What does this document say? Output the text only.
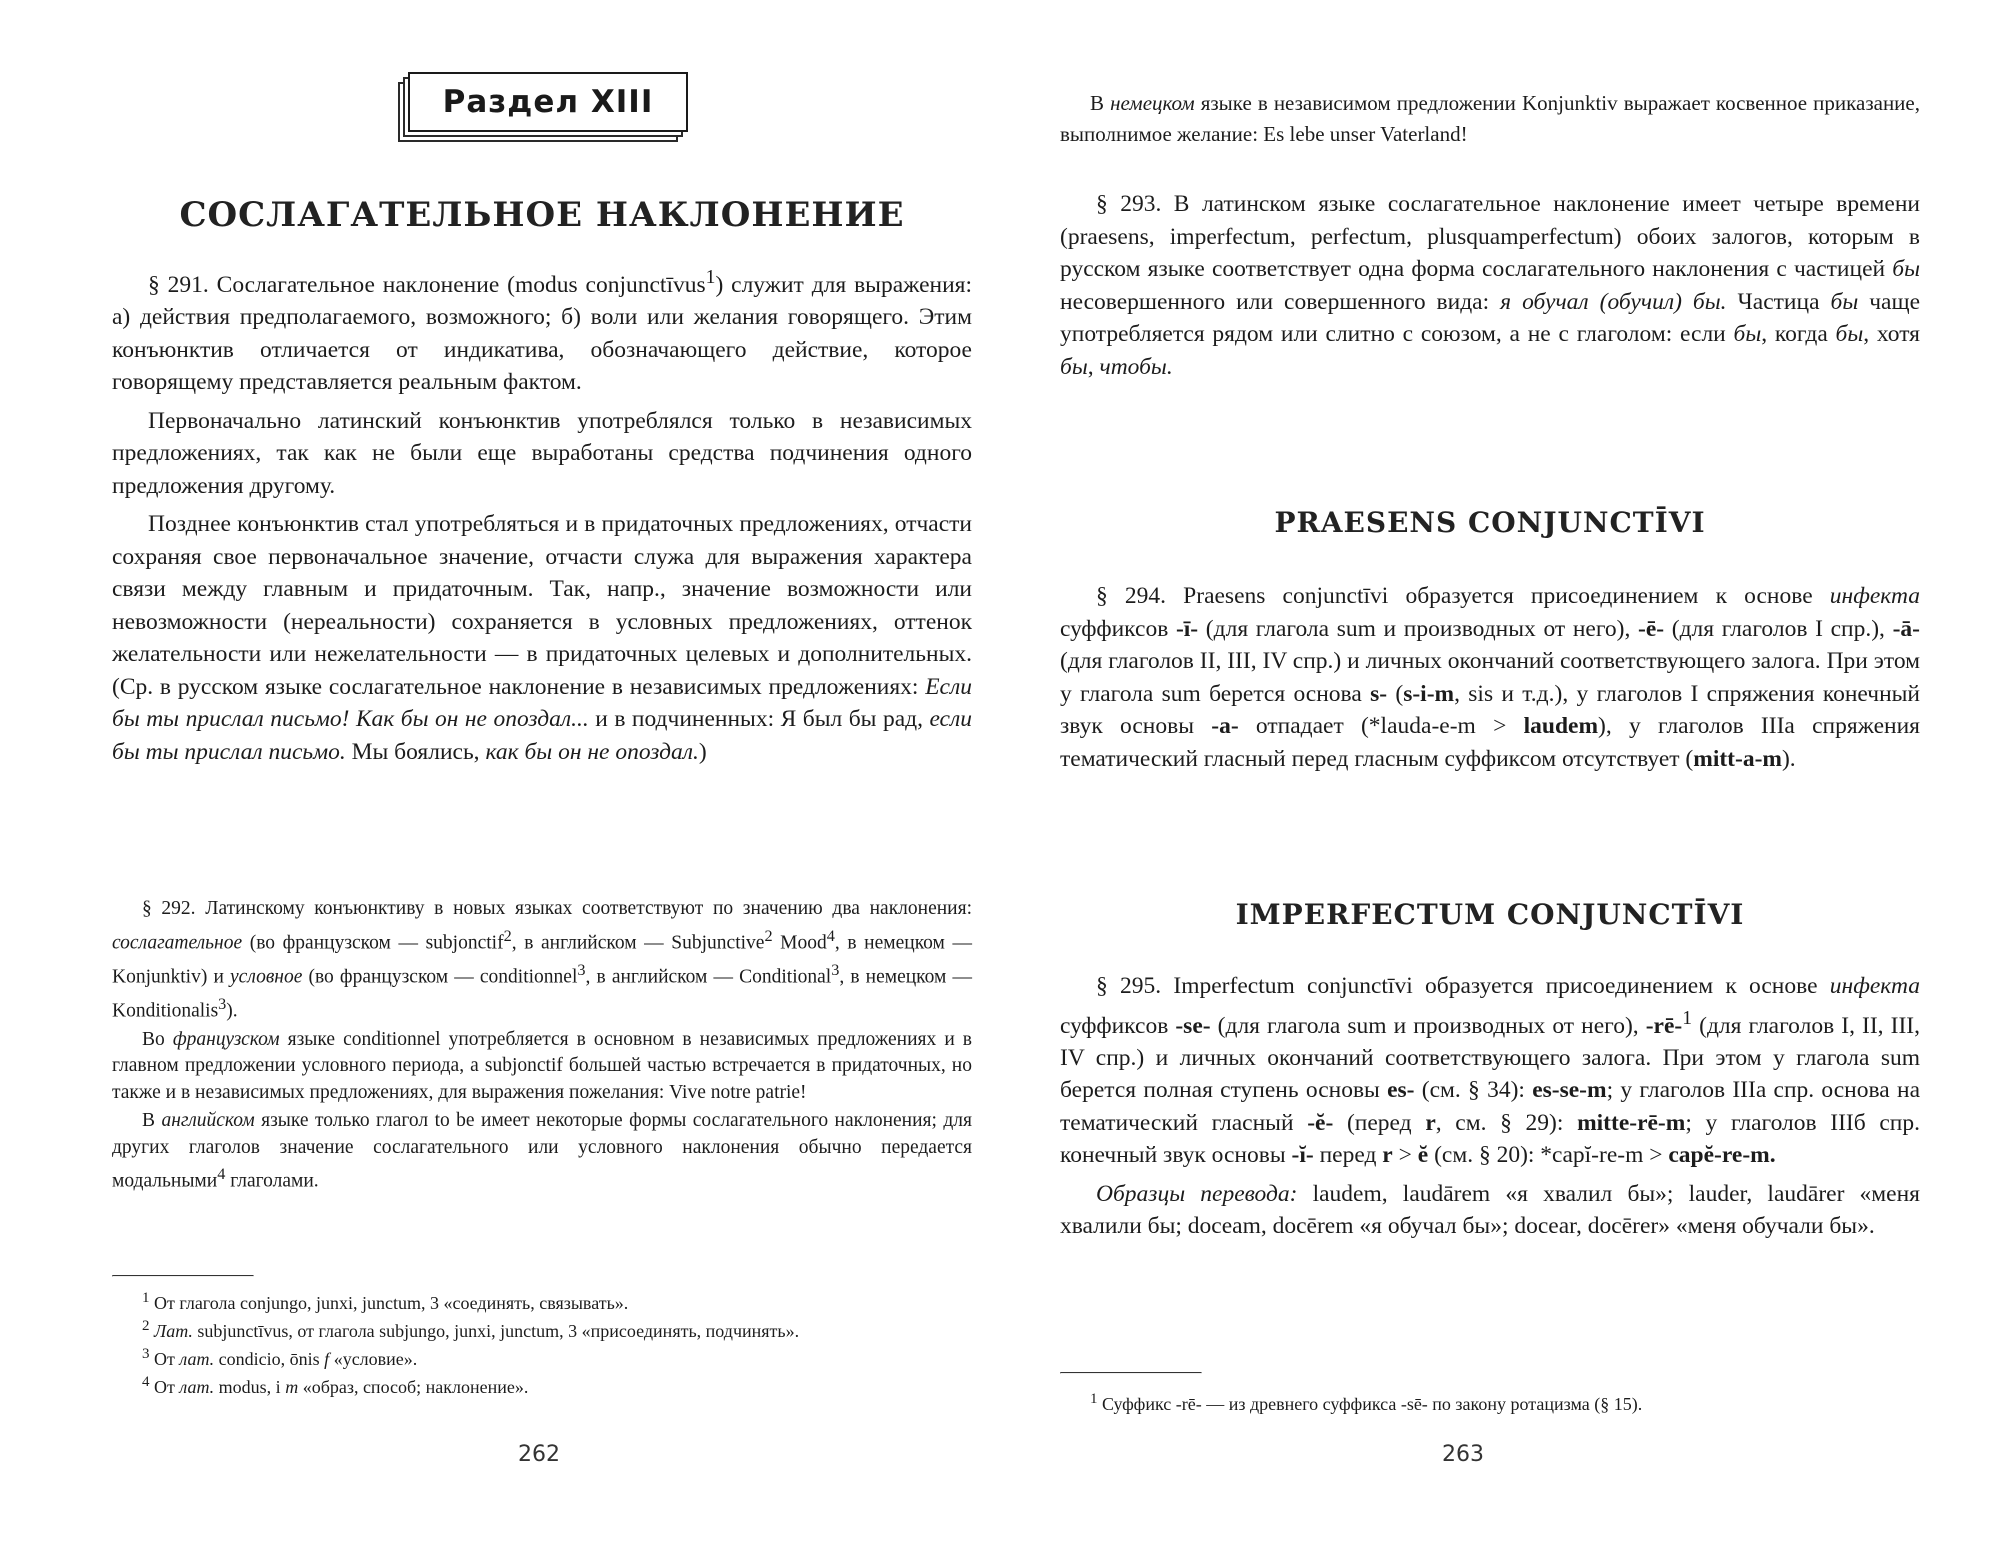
Раздел XIII
СОСЛАГАТЕЛЬНОЕ НАКЛОНЕНИЕ

§ 291. Сослагательное наклонение (modus conjunctīvus$^1$) служит для выражения: а) действия предполагаемого, возможного; б) воли или желания говорящего. Этим конъюнктив отличается от индикатива, обозначающего действие, которое говорящему представляется реальным фактом.

Первоначально латинский конъюнктив употреблялся только в независимых предложениях, так как не были еще выработаны средства подчинения одного предложения другому.

Позднее конъюнктив стал употребляться и в придаточных предложениях, отчасти сохраняя свое первоначальное значение, отчасти служа для выражения характера связи между главным и придаточным. Так, напр., значение возможности или невозможности (нереальности) сохраняется в условных предложениях, оттенок желательности или нежелательности — в придаточных целевых и дополнительных. (Ср. в русском языке сослагательное наклонение в независимых предложениях: Если бы ты прислал письмо! Как бы он не опоздал... и в подчиненных: Я был бы рад, если бы ты прислал письмо. Мы боялись, как бы он не опоздал.)

§ 292. Латинскому конъюнктиву в новых языках соответствуют по значению два наклонения: сослагательное (во французском — subjonctif$^2$, в английском — Subjunctive$^2$ Mood$^4$, в немецком — Konjunktiv) и условное (во французском — conditionnel$^3$, в английском — Conditional$^3$, в немецком — Konditionalis$^3$).

Во французском языке conditionnel употребляется в основном в независимых предложениях и в главном предложении условного периода, а subjonctif большей частью встречается в придаточных, но также и в независимых предложениях, для выражения пожелания: Vive notre patrie!

В английском языке только глагол to be имеет некоторые формы сослагательного наклонения; для других глаголов значение сослагательного или условного наклонения обычно передается модальными$^4$ глаголами.

$^1$ От глагола conjungo, junxi, junctum, 3 «соединять, связывать».

$^2$ Лат. subjunctīvus, от глагола subjungo, junxi, junctum, 3 «присоединять, подчинять».

$^3$ От лат. condicio, ōnis f «условие».

$^4$ От лат. modus, i m «образ, способ; наклонение».

262

В немецком языке в независимом предложении Konjunktiv выражает косвенное приказание, выполнимое желание: Es lebe unser Vaterland!

§ 293. В латинском языке сослагательное наклонение имеет четыре времени (praesens, imperfectum, perfectum, plusquamperfectum) обоих залогов, которым в русском языке соответствует одна форма сослагательного наклонения с частицей бы несовершенного или совершенного вида: я обучал (обучил) бы. Частица бы чаще употребляется рядом или слитно с союзом, а не с глаголом: если бы, когда бы, хотя бы, чтобы.

PRAESENS CONJUNCTĪVI

§ 294. Praesens conjunctīvi образуется присоединением к основе инфекта суффиксов -ī- (для глагола sum и производных от него), -ē- (для глаголов I спр.), -ā- (для глаголов II, III, IV спр.) и личных окончаний соответствующего залога. При этом у глагола sum берется основа s- (s-i-m, sis и т.д.), у глаголов I спряжения конечный звук основы -а- отпадает (*lauda-e-m > laudem), у глаголов IIIа спряжения тематический гласный перед гласным суффиксом отсутствует (mitt-a-m).

IMPERFECTUM CONJUNCTĪVI

§ 295. Imperfectum conjunctīvi образуется присоединением к основе инфекта суффиксов -se- (для глагола sum и производных от него), -rē-$^1$ (для глаголов I, II, III, IV спр.) и личных окончаний соответствующего залога. При этом у глагола sum берется полная ступень основы es- (см. § 34): es-se-m; у глаголов IIIа спр. основа на тематический гласный -ĕ- (перед r, см. § 29): mitte-rē-m; у глаголов IIIб спр. конечный звук основы -ĭ- перед r > ĕ (см. § 20): *capĭ-re-m > capĕ-re-m.

Образцы перевода: laudem, laudārem «я хвалил бы»; lauder, laudārer «меня хвалили бы; doceam, docērem «я обучал бы»; docear, docērer» «меня обучали бы».

$^1$ Суффикс -rē- — из древнего суффикса -sē- по закону ротацизма (§ 15).

263
